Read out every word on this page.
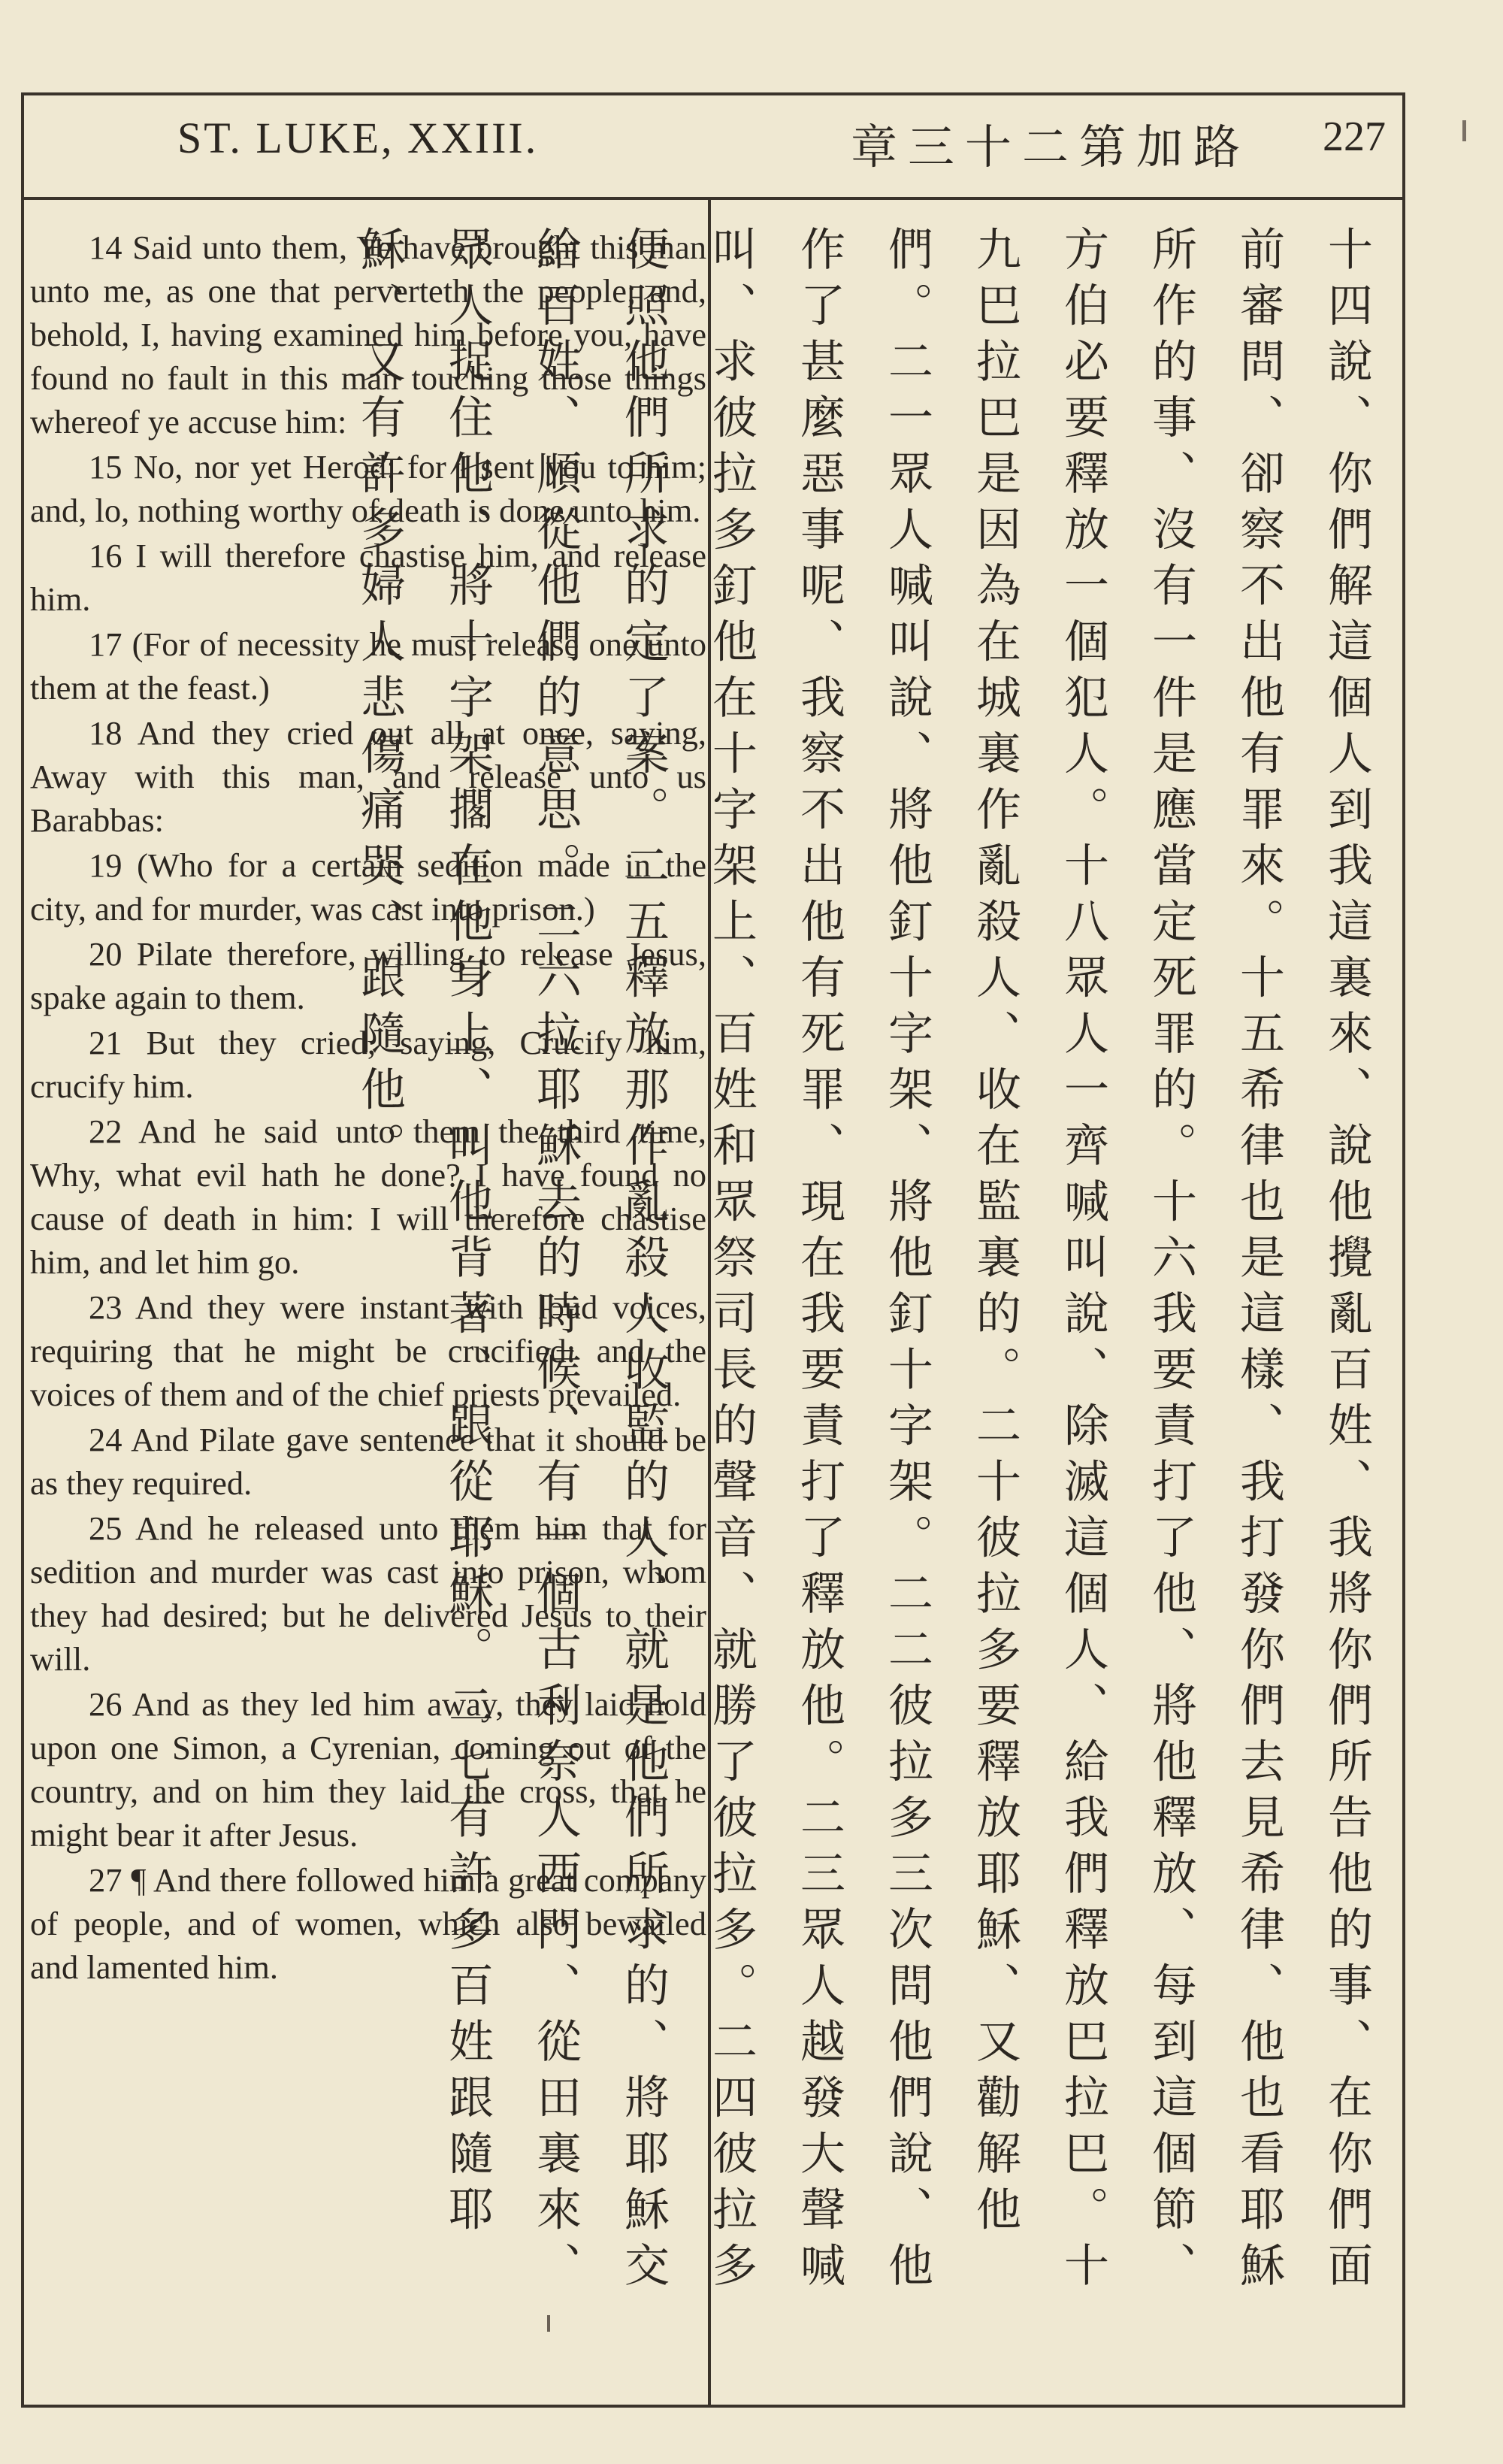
ST. LUKE, XXIII.	章三十二第加路 227

14 Said unto them, Ye have brought this man unto me, as one that perverteth the people; and, behold, I, having examined him before you, have found no fault in this man touching those things whereof ye accuse him:

15 No, nor yet Herod: for I sent you to him; and, lo, nothing worthy of death is done unto him.

16 I will therefore chastise him, and release him.

17 (For of necessity he must release one unto them at the feast.)

18 And they cried out all at once, saying, Away with this man, and release unto us Barabbas:

19 (Who for a certain sedition made in the city, and for murder, was cast into prison.)

20 Pilate therefore, willing to release Jesus, spake again to them.

21 But they cried, saying, Crucify him, crucify him.

22 And he said unto them the third time, Why, what evil hath he done? I have found no cause of death in him: I will therefore chastise him, and let him go.

23 And they were instant with loud voices, requiring that he might be crucified: and the voices of them and of the chief priests prevailed.

24 And Pilate gave sentence that it should be as they required.

25 And he released unto them him that for sedition and murder was cast into prison, whom they had desired; but he delivered Jesus to their will.

26 And as they led him away, they laid hold upon one Simon, a Cyrenian, coming out of the country, and on him they laid the cross, that he might bear it after Jesus.

27 ¶ And there followed him a great company of people, and of women, which also bewailed and lamented him.	十四說、你們解這個人到我這裏來、說他攪亂百姓、我將你們所告他的事、在你們面前審問、卻察不出他有罪來。十五希律也是這樣、我打發你們去見希律、他也看耶穌所作的事、沒有一件是應當定死罪的。十六我要責打了他、將他釋放、每到這個節、方伯必要釋放一個犯人。十八眾人一齊喊叫說、除滅這個人、給我們釋放巴拉巴。十九巴拉巴是因為在城裏作亂殺人、收在監裏的。二十彼拉多要釋放耶穌、又勸解他們。二一眾人喊叫說、將他釘十字架、將他釘十字架。二二彼拉多三次問他們說、他作了甚麼惡事呢、我察不出他有死罪、現在我要責打了釋放他。二三眾人越發大聲喊叫、求彼拉多釘他在十字架上、百姓和眾祭司長的聲音、就勝了彼拉多。二四彼拉多便照他們所求的定了案。二五釋放那作亂殺人收監的人、就是他們所求的、將耶穌交給百姓、順從他們的意思。二六拉耶穌去的時候、有一個古利奈人西門、從田裏來、眾人捉住他、將十字架擱在他身上、叫他背著、跟從耶穌。二七有許多百姓跟隨耶穌、又有許多婦人悲傷痛哭、跟隨他。
